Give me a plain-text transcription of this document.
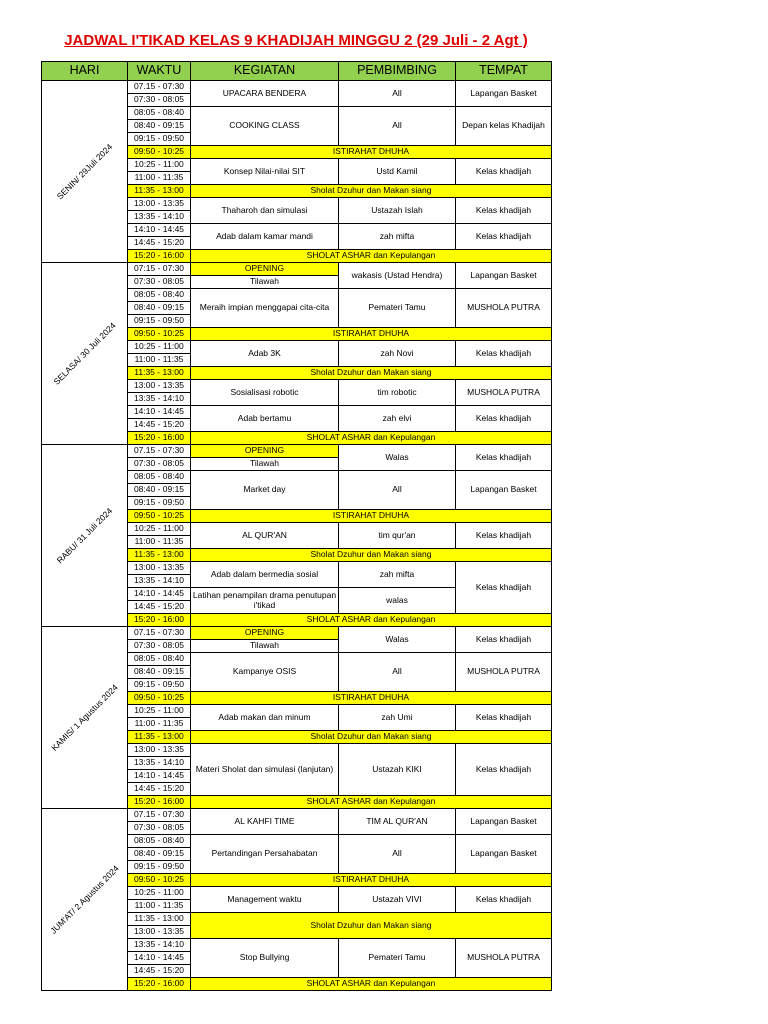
JADWAL I'TIKAD KELAS 9 KHADIJAH MINGGU 2 (29 Juli - 2 Agt )
HARI	WAKTU	KEGIATAN	PEMBIMBING	TEMPAT

SENIN/ 29Juli 2024	07.15 - 07:30	UPACARA BENDERA	All	Lapangan Basket
	07:30 - 08:05			
	08:05 - 08:40	COOKING CLASS	All	Depan kelas Khadijah
	08:40 - 09:15			
	09:15 - 09:50			
	09:50 - 10:25	ISTIRAHAT DHUHA		
	10:25 - 11:00	Konsep Nilai-nilai SIT	Ustd Kamil	Kelas khadijah
	11:00 - 11:35			
	11:35 - 13:00	Sholat Dzuhur dan Makan siang		
	13:00 - 13:35	Thaharoh dan simulasi	Ustazah Islah	Kelas khadijah
	13:35 - 14:10			
	14:10 - 14:45	Adab dalam kamar mandi	zah mifta	Kelas khadijah
	14:45 - 15:20			
	15:20 - 16:00	SHOLAT ASHAR dan Kepulangan		

SELASA/ 30 Juli 2024	07:15 - 07:30	OPENING	wakasis (Ustad Hendra)	Lapangan Basket
	07:30 - 08:05	Tilawah		
	08:05 - 08:40	Meraih impian menggapai cita-cita	Pemateri Tamu	MUSHOLA PUTRA
	08:40 - 09:15			
	09:15 - 09:50			
	09:50 - 10:25	ISTIRAHAT DHUHA		
	10:25 - 11:00	Adab 3K	zah Novi	Kelas khadijah
	11:00 - 11:35			
	11:35 - 13:00	Sholat Dzuhur dan Makan siang		
	13:00 - 13:35	Sosialisasi robotic	tim robotic	MUSHOLA PUTRA
	13:35 - 14:10			
	14:10 - 14:45	Adab bertamu	zah elvi	Kelas khadijah
	14:45 - 15:20			
	15:20 - 16:00	SHOLAT ASHAR dan Kepulangan		

RABU/ 31 Juli 2024	07.15 - 07:30	OPENING	Walas	Kelas khadijah
	07:30 - 08:05	Tilawah		
	08:05 - 08:40	Market day	All	Lapangan Basket
	08:40 - 09:15			
	09:15 - 09:50			
	09:50 - 10:25	ISTIRAHAT DHUHA		
	10:25 - 11:00	AL QUR'AN	tim qur'an	Kelas khadijah
	11:00 - 11:35			
	11:35 - 13:00	Sholat Dzuhur dan Makan siang		
	13:00 - 13:35	Adab dalam bermedia sosial	zah mifta	Kelas khadijah
	13:35 - 14:10			
	14:10 - 14:45	Latihan penampilan drama penutupan i'tikad	walas	
	14:45 - 15:20			
	15:20 - 16:00	SHOLAT ASHAR dan Kepulangan		

KAMIS/ 1 Agustus 2024	07.15 - 07:30	OPENING	Walas	Kelas khadijah
	07:30 - 08:05	Tilawah		
	08:05 - 08:40	Kampanye OSIS	All	MUSHOLA PUTRA
	08:40 - 09:15			
	09:15 - 09:50			
	09:50 - 10:25	ISTIRAHAT DHUHA		
	10:25 - 11:00	Adab makan dan minum	zah Umi	Kelas khadijah
	11:00 - 11:35			
	11:35 - 13:00	Sholat Dzuhur dan Makan siang		
	13:00 - 13:35	Materi Sholat dan simulasi (lanjutan)	Ustazah KIKI	Kelas khadijah
	13:35 - 14:10			
	14:10 - 14:45			
	14:45 - 15:20			
	15:20 - 16:00	SHOLAT ASHAR dan Kepulangan		

JUM'AT/ 2 Agustus 2024	07.15 - 07:30	AL KAHFI TIME	TIM AL QUR'AN	Lapangan Basket
	07:30 - 08:05			
	08:05 - 08:40	Pertandingan Persahabatan	All	Lapangan Basket
	08:40 - 09:15			
	09:15 - 09:50			
	09:50 - 10:25	ISTIRAHAT DHUHA		
	10:25 - 11:00	Management waktu	Ustazah VIVI	Kelas khadijah
	11:00 - 11:35			
	11:35 - 13:00	Sholat Dzuhur dan Makan siang		
	13:00 - 13:35			
	13:35 - 14:10	Stop Bullying	Pemateri Tamu	MUSHOLA PUTRA
	14:10 - 14:45			
	14:45 - 15:20			
	15:20 - 16:00	SHOLAT ASHAR dan Kepulangan		
